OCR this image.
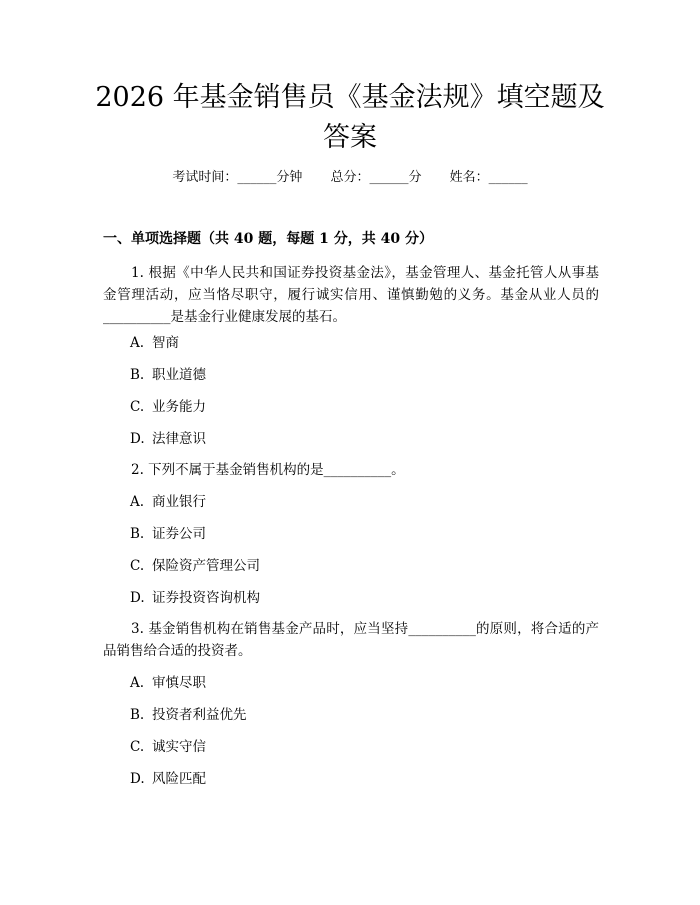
2026 年基金销售员《基金法规》填空题及答案
考试时间：______分钟 总分：______分 姓名：______
一、单项选择题（共 40 题，每题 1 分，共 40 分）

1. 根据《中华人民共和国证券投资基金法》，基金管理人、基金托管人从事基金管理活动，应当恪尽职守，履行诚实信用、谨慎勤勉的义务。基金从业人员的__________是基金行业健康发展的基石。

A. 智商
B. 职业道德
C. 业务能力
D. 法律意识

2. 下列不属于基金销售机构的是__________。

A. 商业银行
B. 证券公司
C. 保险资产管理公司
D. 证券投资咨询机构

3. 基金销售机构在销售基金产品时，应当坚持__________的原则，将合适的产品销售给合适的投资者。

A. 审慎尽职
B. 投资者利益优先
C. 诚实守信
D. 风险匹配
